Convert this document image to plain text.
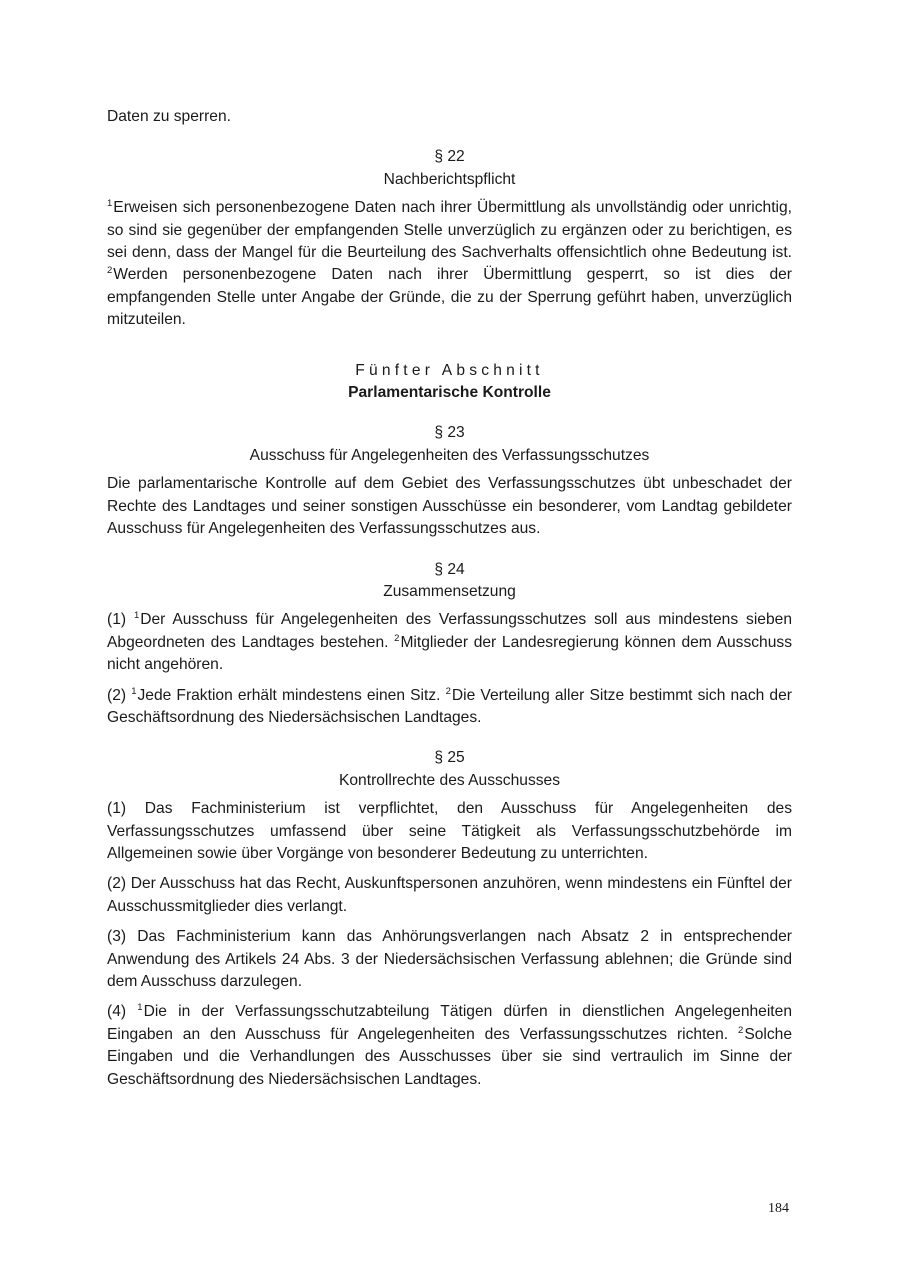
Daten zu sperren.

§ 22
Nachberichtspflicht

$^1$Erweisen sich personenbezogene Daten nach ihrer Übermittlung als unvollständig oder unrichtig, so sind sie gegenüber der empfangenden Stelle unverzüglich zu ergänzen oder zu berichtigen, es sei denn, dass der Mangel für die Beurteilung des Sachverhalts offensichtlich ohne Bedeutung ist. $^2$Werden personenbezogene Daten nach ihrer Übermittlung gesperrt, so ist dies der empfangenden Stelle unter Angabe der Gründe, die zu der Sperrung geführt haben, unverzüglich mitzuteilen.

Fünfter Abschnitt
Parlamentarische Kontrolle
§ 23
Ausschuss für Angelegenheiten des Verfassungsschutzes

Die parlamentarische Kontrolle auf dem Gebiet des Verfassungsschutzes übt unbeschadet der Rechte des Landtages und seiner sonstigen Ausschüsse ein besonderer, vom Landtag gebildeter Ausschuss für Angelegenheiten des Verfassungsschutzes aus.

§ 24
Zusammensetzung

(1) $^1$Der Ausschuss für Angelegenheiten des Verfassungsschutzes soll aus mindestens sieben Abgeordneten des Landtages bestehen. $^2$Mitglieder der Landesregierung können dem Ausschuss nicht angehören.

(2) $^1$Jede Fraktion erhält mindestens einen Sitz. $^2$Die Verteilung aller Sitze bestimmt sich nach der Geschäftsordnung des Niedersächsischen Landtages.

§ 25
Kontrollrechte des Ausschusses

(1) Das Fachministerium ist verpflichtet, den Ausschuss für Angelegenheiten des Verfassungsschutzes umfassend über seine Tätigkeit als Verfassungsschutzbehörde im Allgemeinen sowie über Vorgänge von besonderer Bedeutung zu unterrichten.

(2) Der Ausschuss hat das Recht, Auskunftspersonen anzuhören, wenn mindestens ein Fünftel der Ausschussmitglieder dies verlangt.

(3) Das Fachministerium kann das Anhörungsverlangen nach Absatz 2 in entsprechender Anwendung des Artikels 24 Abs. 3 der Niedersächsischen Verfassung ablehnen; die Gründe sind dem Ausschuss darzulegen.

(4) $^1$Die in der Verfassungsschutzabteilung Tätigen dürfen in dienstlichen Angelegenheiten Eingaben an den Ausschuss für Angelegenheiten des Verfassungsschutzes richten. $^2$Solche Eingaben und die Verhandlungen des Ausschusses über sie sind vertraulich im Sinne der Geschäftsordnung des Niedersächsischen Landtages.

184
